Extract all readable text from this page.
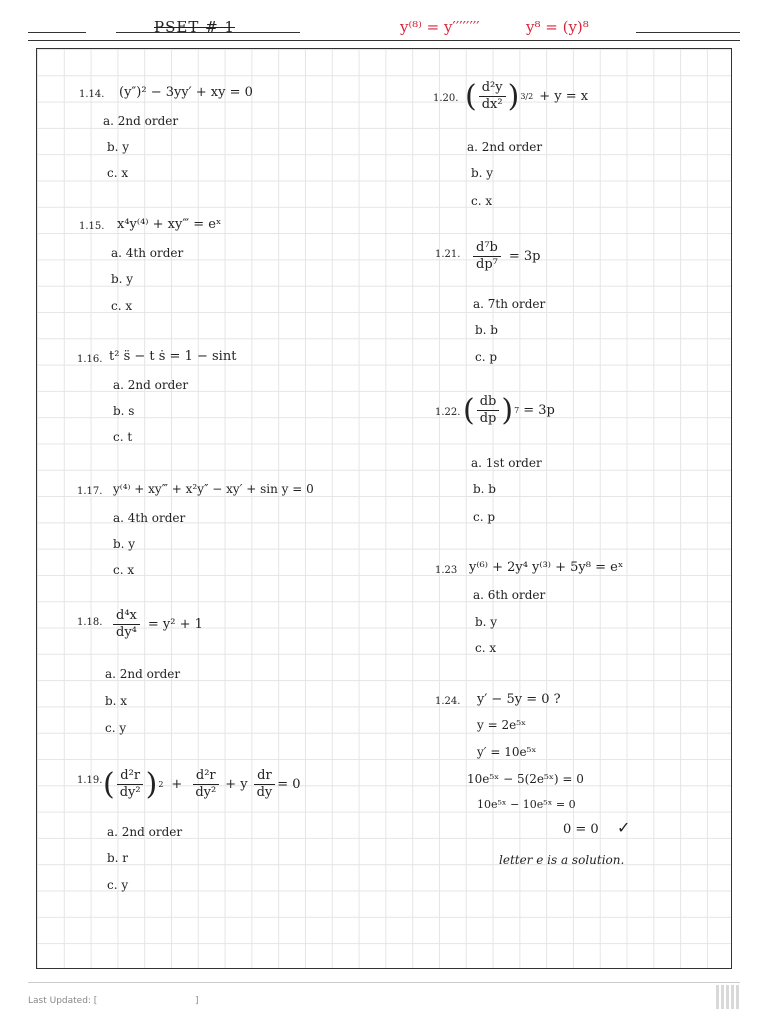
PSET # 1	y⁽⁸⁾ = y′′′′′′′′	y⁸ = (y)⁸
1.14. (y″)² − 3yy′ + xy = 0
a. 2nd order
b. y
c. x
1.15. x⁴y⁽⁴⁾ + xy‴ = eˣ
a. 4th order
b. y
c. x
1.16. t² s̈ − t ṡ = 1 − sint
a. 2nd order
b. s
c. t
1.17. y⁽⁴⁾ + xy‴ + x²y″ − xy′ + sin y = 0
a. 4th order
b. y
c. x
1.18. $\frac{\text{d⁴x}}{\text{dy⁴}} = y^2 + 1$
a. 2nd order
b. x
c. y
1.19. ( $\frac{\text{d²r}}{\text{dy²}}$ ) $2 + \frac{\text{d²r}}{\text{dy²}} + y \frac{dr}{dy} = 0$
a. 2nd order
b. r
c. y
1.20. ( $\frac{\text{d²y}}{\text{dx²}}$ ) 3/2 + y = x
a. 2nd order
b. y
c. x
1.21. $\frac{\text{d⁷b}}{\text{dp⁷}} = 3p$
a. 7th order
b. b
c. p
1.22. ( $\frac{db}{dp}$ ) 7 = 3p
a. 1st order
b. b
c. p
1.23 y⁽⁶⁾ + 2y⁴ y⁽³⁾ + 5y⁸ = eˣ
a. 6th order
b. y
c. x
1.24. y′ − 5y = 0 ?
y = 2e⁵ˣ
y′ = 10e⁵ˣ
10e⁵ˣ − 5(2e⁵ˣ) = 0
10e⁵ˣ − 10e⁵ˣ = 0
0 = 0 ✓
letter e is a solution.
Last Updated: [	]
